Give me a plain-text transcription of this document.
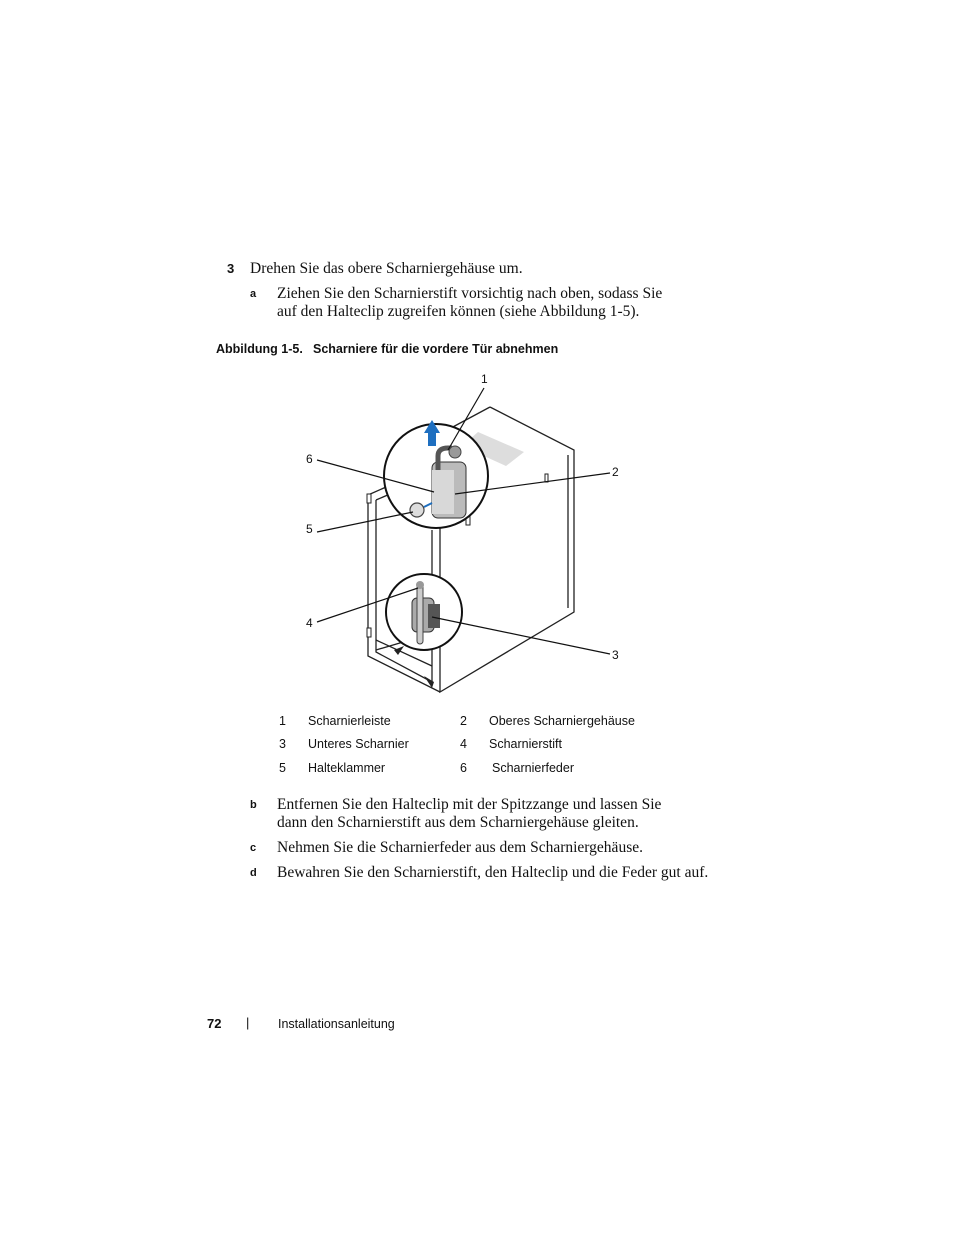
3 Drehen Sie das obere Scharniergehäuse um.
a Ziehen Sie den Scharnierstift vorsichtig nach oben, sodass Sie
auf den Halteclip zugreifen können (siehe Abbildung 1-5).
Abbildung 1-5. Scharniere für die vordere Tür abnehmen
1
2
3
4
5
6
1 Scharnierleiste	2 Oberes Scharniergehäuse
3 Unteres Scharnier	4 Scharnierstift
5 Halteklammer	6 Scharnierfeder
b Entfernen Sie den Halteclip mit der Spitzzange und lassen Sie
dann den Scharnierstift aus dem Scharniergehäuse gleiten.
c Nehmen Sie die Scharnierfeder aus dem Scharniergehäuse.
d Bewahren Sie den Scharnierstift, den Halteclip und die Feder gut auf.
72 | Installationsanleitung
